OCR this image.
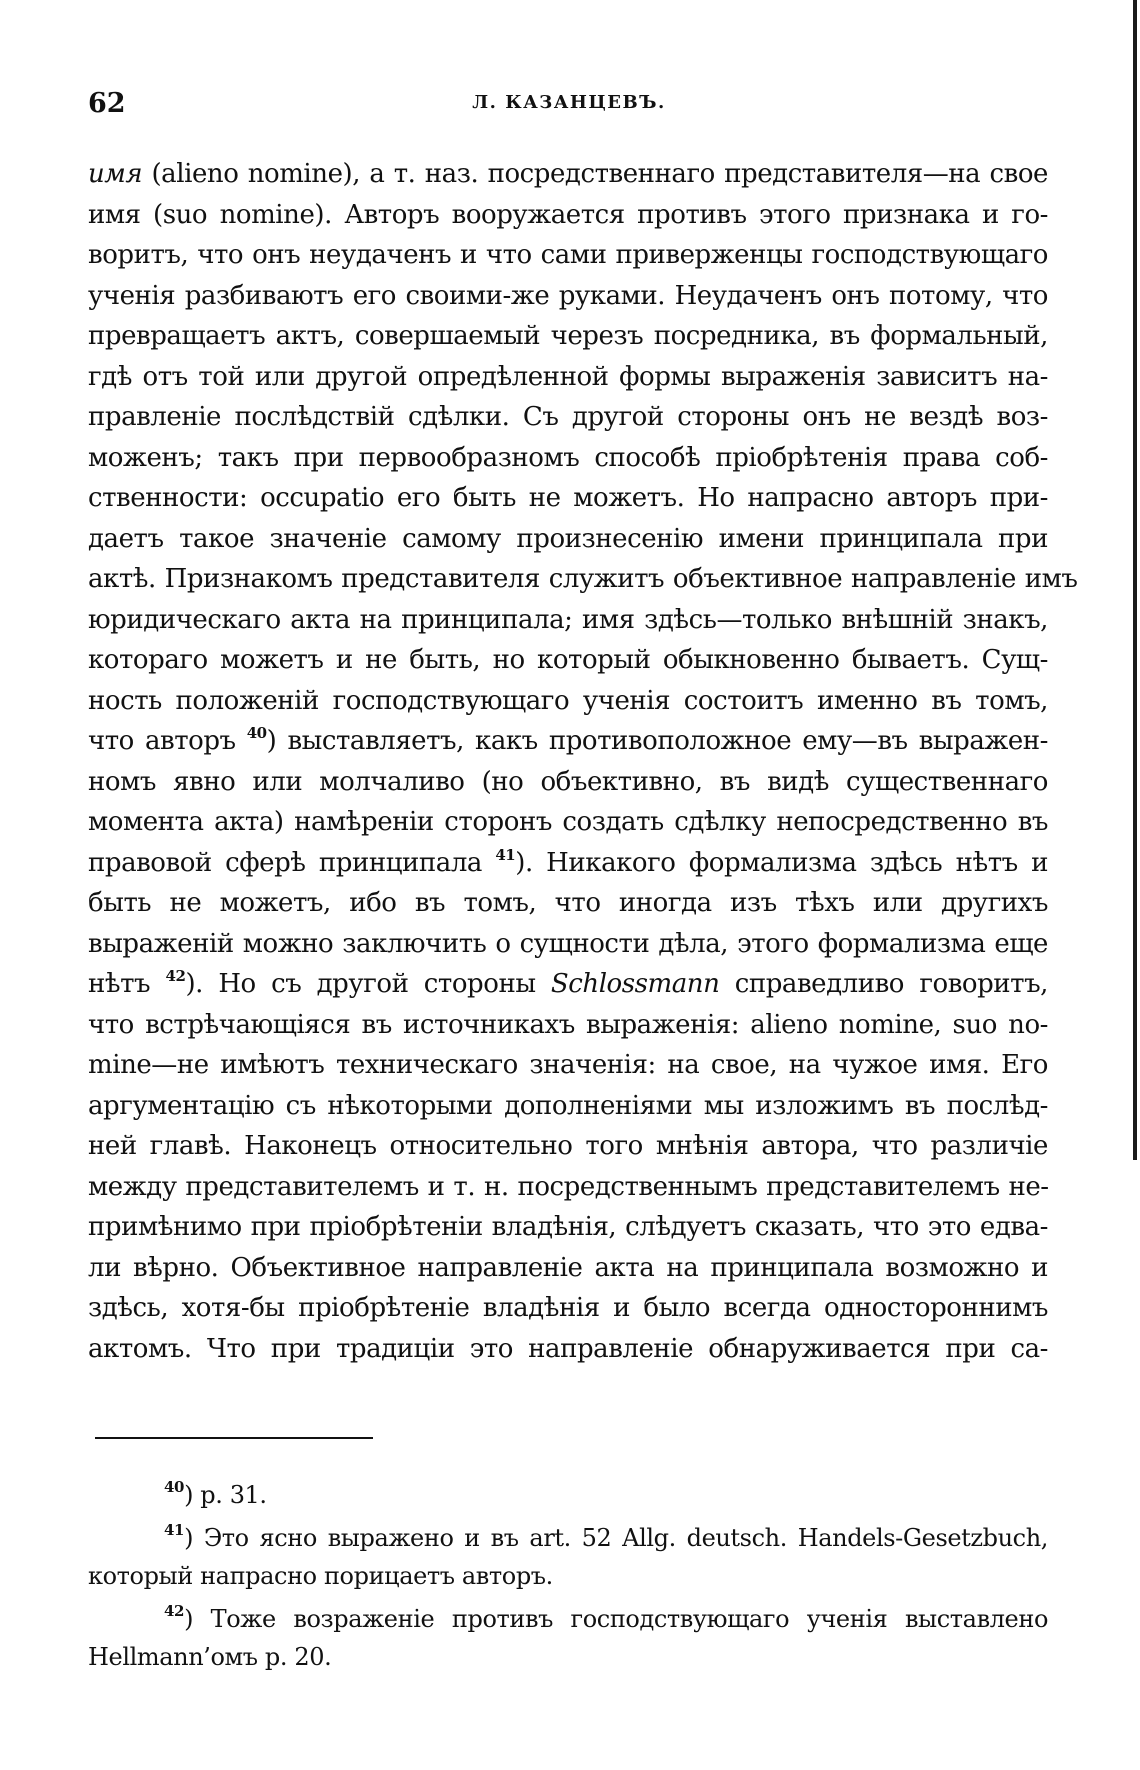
62	Л. КАЗАНЦЕВЪ.
имя (alieno nomine), а т. наз. посредственнаго представителя—на свое
имя (suo nomine). Авторъ вооружается противъ этого признака и го-
воритъ, что онъ неудаченъ и что сами приверженцы господствующаго
ученія разбиваютъ его своими-же руками. Неудаченъ онъ потому, что
превращаетъ актъ, совершаемый черезъ посредника, въ формальный,
гдѣ отъ той или другой опредѣленной формы выраженія зависитъ на-
правленіе послѣдствій сдѣлки. Съ другой стороны онъ не вездѣ воз-
моженъ; такъ при первообразномъ способѣ пріобрѣтенія права соб-
ственности: occupatio его быть не можетъ. Но напрасно авторъ при-
даетъ такое значеніе самому произнесенію имени принципала при
актѣ. Признакомъ представителя служитъ объективное направленіе имъ
юридическаго акта на принципала; имя здѣсь—только внѣшній знакъ,
котораго можетъ и не быть, но который обыкновенно бываетъ. Сущ-
ность положеній господствующаго ученія состоитъ именно въ томъ,
что авторъ $^{40}$) выставляетъ, какъ противоположное ему—въ выражен-
номъ явно или молчаливо (но объективно, въ видѣ существеннаго
момента акта) намѣреніи сторонъ создать сдѣлку непосредственно въ
правовой сферѣ принципала $^{41}$). Никакого формализма здѣсь нѣтъ и
быть не можетъ, ибо въ томъ, что иногда изъ тѣхъ или другихъ
выраженій можно заключить о сущности дѣла, этого формализма еще
нѣтъ $^{42}$). Но съ другой стороны Schlossmann справедливо говоритъ,
что встрѣчающіяся въ источникахъ выраженія: alieno nomine, suo no-
mine—не имѣютъ техническаго значенія: на свое, на чужое имя. Его
аргументацію съ нѣкоторыми дополненіями мы изложимъ въ послѣд-
ней главѣ. Наконецъ относительно того мнѣнія автора, что различіе
между представителемъ и т. н. посредственнымъ представителемъ не-
примѣнимо при пріобрѣтеніи владѣнія, слѣдуетъ сказать, что это едва-
ли вѣрно. Объективное направленіе акта на принципала возможно и
здѣсь, хотя-бы пріобрѣтеніе владѣнія и было всегда одностороннимъ
актомъ. Что при традиціи это направленіе обнаруживается при са-
$^{40}$) p. 31.
$^{41}$) Это ясно выражено и въ art. 52 Allg. deutsch. Handels-Gesetzbuch,
который напрасно порицаетъ авторъ.
$^{42}$) Тоже возраженіе противъ господствующаго ученія выставлено
Hellmann’омъ p. 20.
